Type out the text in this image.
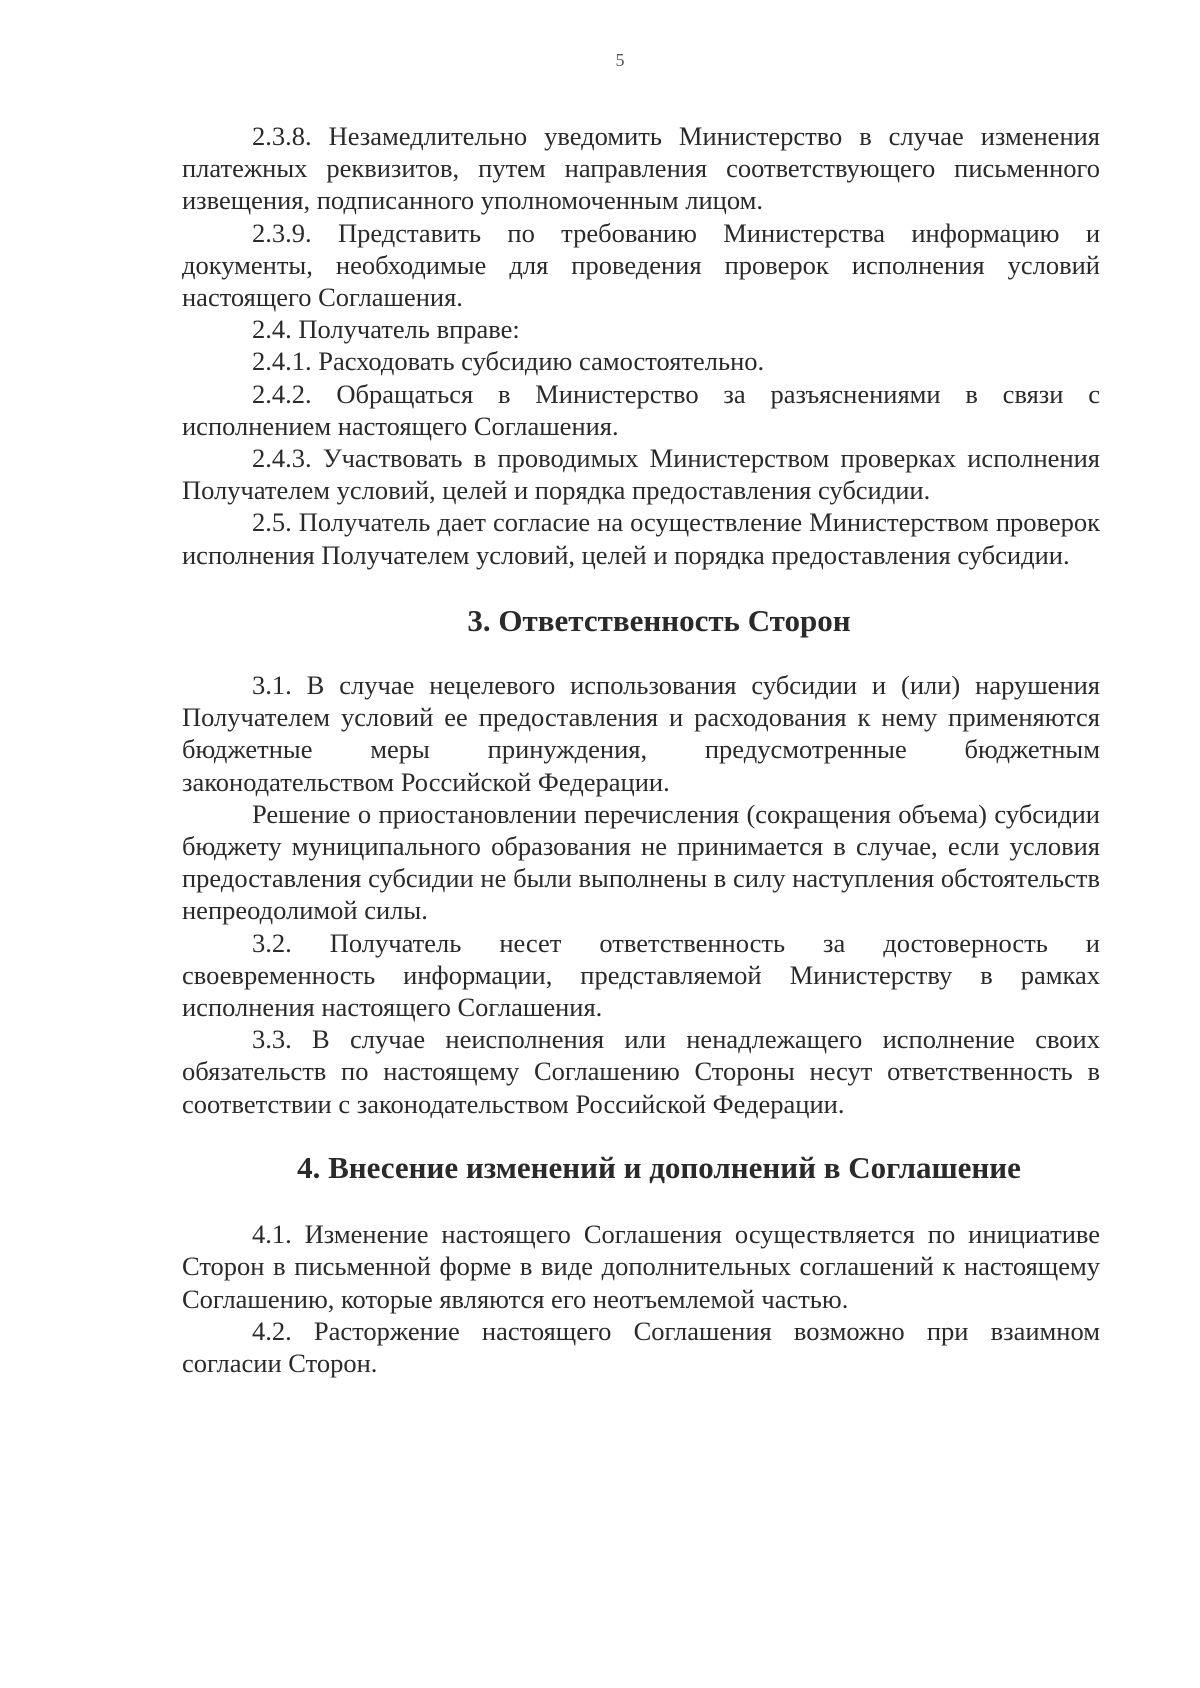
5

2.3.8. Незамедлительно уведомить Министерство в случае изменения платежных реквизитов, путем направления соответствующего письменного извещения, подписанного уполномоченным лицом.

2.3.9. Представить по требованию Министерства информацию и документы, необходимые для проведения проверок исполнения условий настоящего Соглашения.

2.4. Получатель вправе:

2.4.1. Расходовать субсидию самостоятельно.

2.4.2. Обращаться в Министерство за разъяснениями в связи с исполнением настоящего Соглашения.

2.4.3. Участвовать в проводимых Министерством проверках исполнения Получателем условий, целей и порядка предоставления субсидии.

2.5. Получатель дает согласие на осуществление Министерством проверок исполнения Получателем условий, целей и порядка предоставления субсидии.

3. Ответственность Сторон

3.1. В случае нецелевого использования субсидии и (или) нарушения Получателем условий ее предоставления и расходования к нему применяются бюджетные меры принуждения, предусмотренные бюджетным законодательством Российской Федерации.

Решение о приостановлении перечисления (сокращения объема) субсидии бюджету муниципального образования не принимается в случае, если условия предоставления субсидии не были выполнены в силу наступления обстоятельств непреодолимой силы.

3.2. Получатель несет ответственность за достоверность и своевременность информации, представляемой Министерству в рамках исполнения настоящего Соглашения.

3.3. В случае неисполнения или ненадлежащего исполнение своих обязательств по настоящему Соглашению Стороны несут ответственность в соответствии с законодательством Российской Федерации.

4. Внесение изменений и дополнений в Соглашение

4.1. Изменение настоящего Соглашения осуществляется по инициативе Сторон в письменной форме в виде дополнительных соглашений к настоящему Соглашению, которые являются его неотъемлемой частью.

4.2. Расторжение настоящего Соглашения возможно при взаимном согласии Сторон.
